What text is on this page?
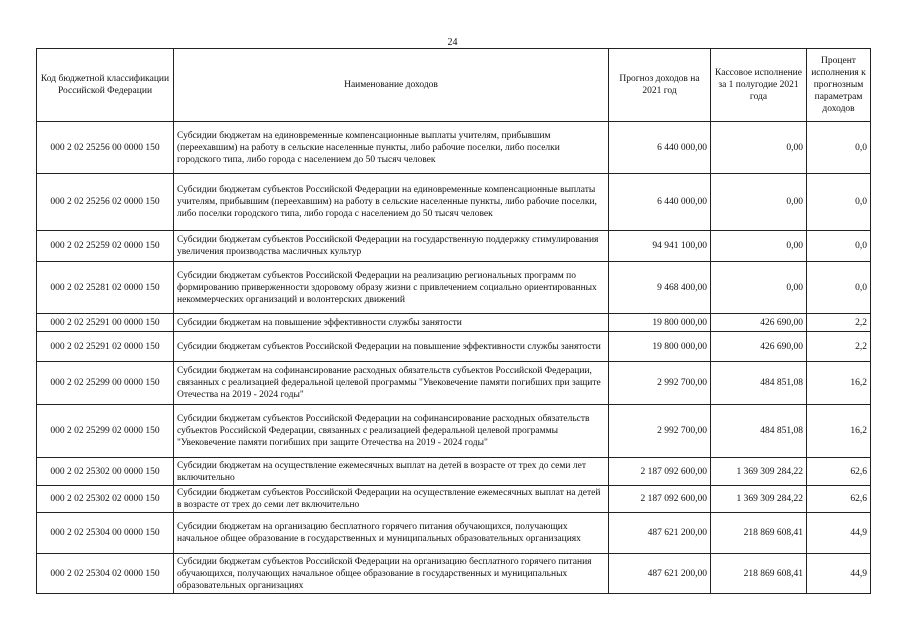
24
Код бюджетной классификации Российской Федерации	Наименование доходов	Прогноз доходов на 2021 год	Кассовое исполнение за 1 полугодие 2021 года	Процент исполнения к прогнозным параметрам доходов
000 2 02 25256 00 0000 150	Субсидии бюджетам на единовременные компенсационные выплаты учителям, прибывшим (переехавшим) на работу в сельские населенные пункты, либо рабочие поселки, либо поселки городского типа, либо города с населением до 50 тысяч человек	6 440 000,00	0,00	0,0
000 2 02 25256 02 0000 150	Субсидии бюджетам субъектов Российской Федерации на единовременные компенсационные выплаты учителям, прибывшим (переехавшим) на работу в сельские населенные пункты, либо рабочие поселки, либо поселки городского типа, либо города с населением до 50 тысяч человек	6 440 000,00	0,00	0,0
000 2 02 25259 02 0000 150	Субсидии бюджетам субъектов Российской Федерации на государственную поддержку стимулирования увеличения производства масличных культур	94 941 100,00	0,00	0,0
000 2 02 25281 02 0000 150	Субсидии бюджетам субъектов Российской Федерации на реализацию региональных программ по формированию приверженности здоровому образу жизни с привлечением социально ориентированных некоммерческих организаций и волонтерских движений	9 468 400,00	0,00	0,0
000 2 02 25291 00 0000 150	Субсидии бюджетам на повышение эффективности службы занятости	19 800 000,00	426 690,00	2,2
000 2 02 25291 02 0000 150	Субсидии бюджетам субъектов Российской Федерации на повышение эффективности службы занятости	19 800 000,00	426 690,00	2,2
000 2 02 25299 00 0000 150	Субсидии бюджетам на софинансирование расходных обязательств субъектов Российской Федерации, связанных с реализацией федеральной целевой программы "Увековечение памяти погибших при защите Отечества на 2019 - 2024 годы"	2 992 700,00	484 851,08	16,2
000 2 02 25299 02 0000 150	Субсидии бюджетам субъектов Российской Федерации на софинансирование расходных обязательств субъектов Российской Федерации, связанных с реализацией федеральной целевой программы "Увековечение памяти погибших при защите Отечества на 2019 - 2024 годы"	2 992 700,00	484 851,08	16,2
000 2 02 25302 00 0000 150	Субсидии бюджетам на осуществление ежемесячных выплат на детей в возрасте от трех до семи лет включительно	2 187 092 600,00	1 369 309 284,22	62,6
000 2 02 25302 02 0000 150	Субсидии бюджетам субъектов Российской Федерации на осуществление ежемесячных выплат на детей в возрасте от трех до семи лет включительно	2 187 092 600,00	1 369 309 284,22	62,6
000 2 02 25304 00 0000 150	Субсидии бюджетам на организацию бесплатного горячего питания обучающихся, получающих начальное общее образование в государственных и муниципальных образовательных организациях	487 621 200,00	218 869 608,41	44,9
000 2 02 25304 02 0000 150	Субсидии бюджетам субъектов Российской Федерации на организацию бесплатного горячего питания обучающихся, получающих начальное общее образование в государственных и муниципальных образовательных организациях	487 621 200,00	218 869 608,41	44,9
